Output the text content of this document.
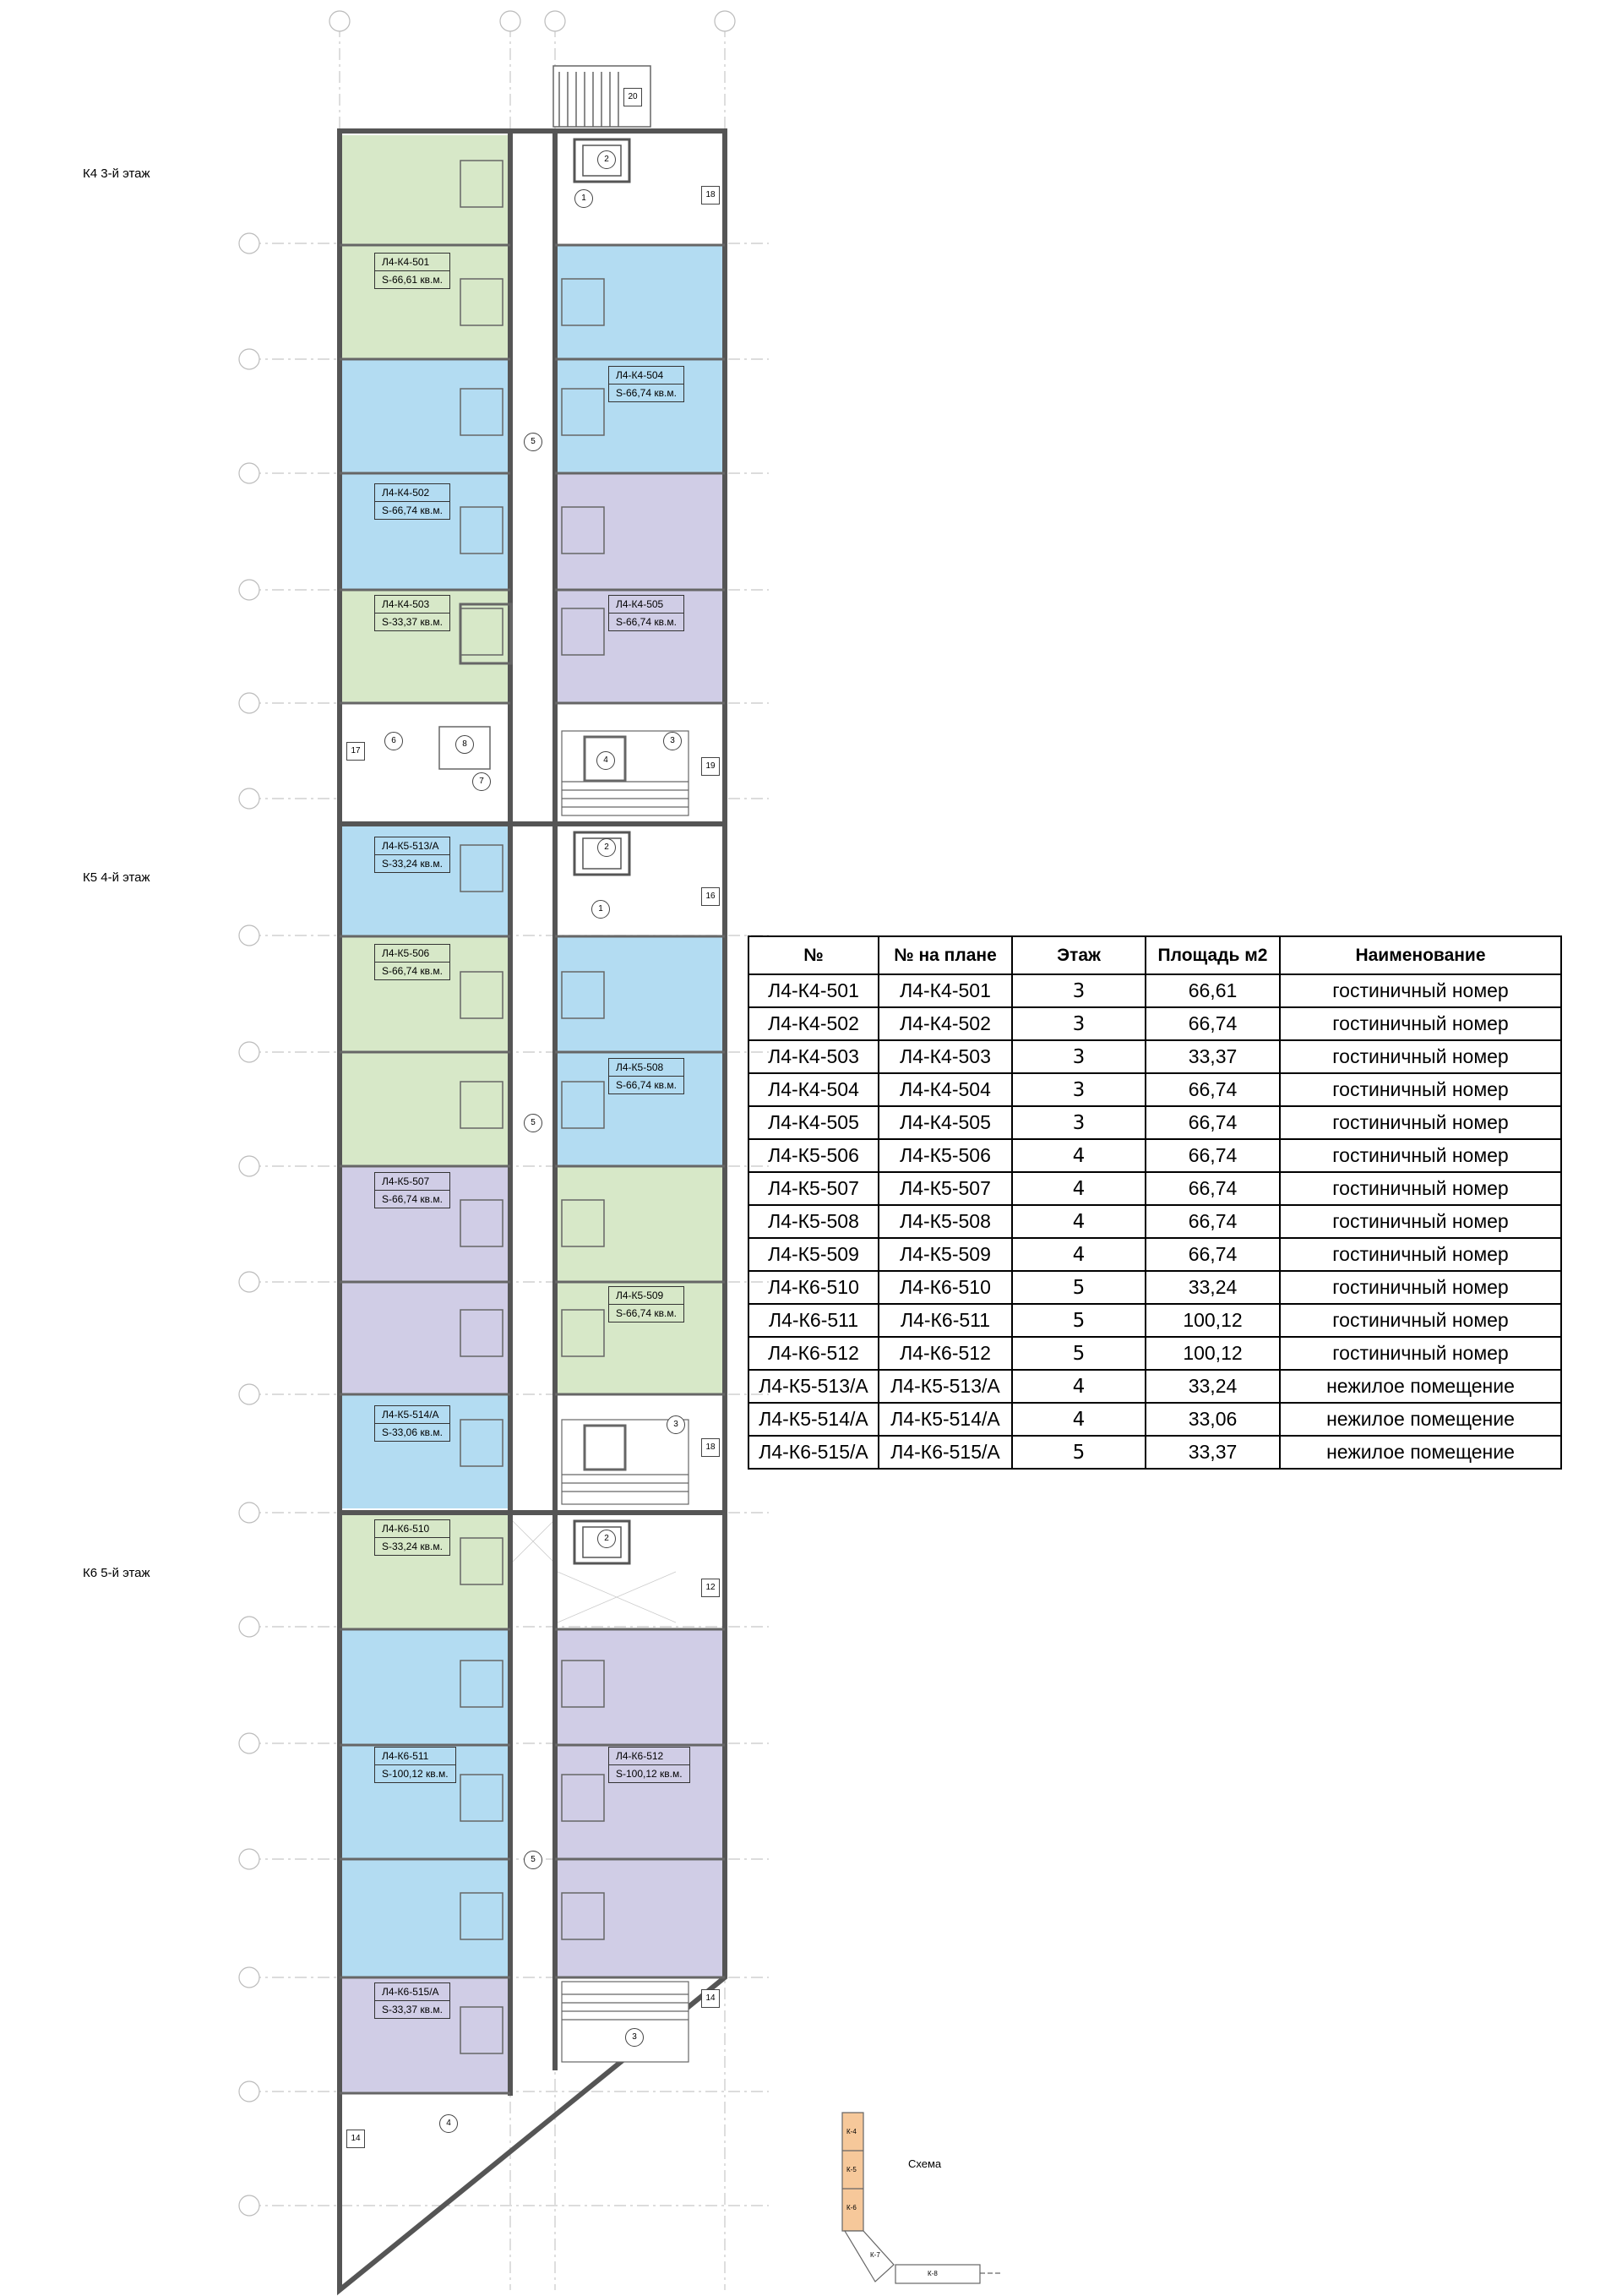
К4 3-й этаж
К5 4-й этаж
К6 5-й этаж
Л4-К4-501
S-66,61 кв.м.
Л4-К4-504
S-66,74 кв.м.
Л4-К4-502
S-66,74 кв.м.
Л4-К4-503
S-33,37 кв.м.
Л4-К4-505
S-66,74 кв.м.
Л4-К5-513/А
S-33,24 кв.м.
Л4-К5-506
S-66,74 кв.м.
Л4-К5-508
S-66,74 кв.м.
Л4-К5-507
S-66,74 кв.м.
Л4-К5-509
S-66,74 кв.м.
Л4-К5-514/А
S-33,06 кв.м.
Л4-К6-510
S-33,24 кв.м.
Л4-К6-511
S-100,12 кв.м.
Л4-К6-512
S-100,12 кв.м.
Л4-К6-515/А
S-33,37 кв.м.
20
2
1	18
5
17
6	8
7
4
3
19
2
1
16
5
3
18
2
12
5
14
3
4
14
№	№ на плане	Этаж	Площадь м2	Наименование
Л4-К4-501	Л4-К4-501	3	66,61	гостиничный номер
Л4-К4-502	Л4-К4-502	3	66,74	гостиничный номер
Л4-К4-503	Л4-К4-503	3	33,37	гостиничный номер
Л4-К4-504	Л4-К4-504	3	66,74	гостиничный номер
Л4-К4-505	Л4-К4-505	3	66,74	гостиничный номер
Л4-К5-506	Л4-К5-506	4	66,74	гостиничный номер
Л4-К5-507	Л4-К5-507	4	66,74	гостиничный номер
Л4-К5-508	Л4-К5-508	4	66,74	гостиничный номер
Л4-К5-509	Л4-К5-509	4	66,74	гостиничный номер
Л4-К6-510	Л4-К6-510	5	33,24	гостиничный номер
Л4-К6-511	Л4-К6-511	5	100,12	гостиничный номер
Л4-К6-512	Л4-К6-512	5	100,12	гостиничный номер
Л4-К5-513/А	Л4-К5-513/А	4	33,24	нежилое помещение
Л4-К5-514/А	Л4-К5-514/А	4	33,06	нежилое помещение
Л4-К6-515/А	Л4-К6-515/А	5	33,37	нежилое помещение
Схема
К-4
К-5
К-6
К-7
К-8
